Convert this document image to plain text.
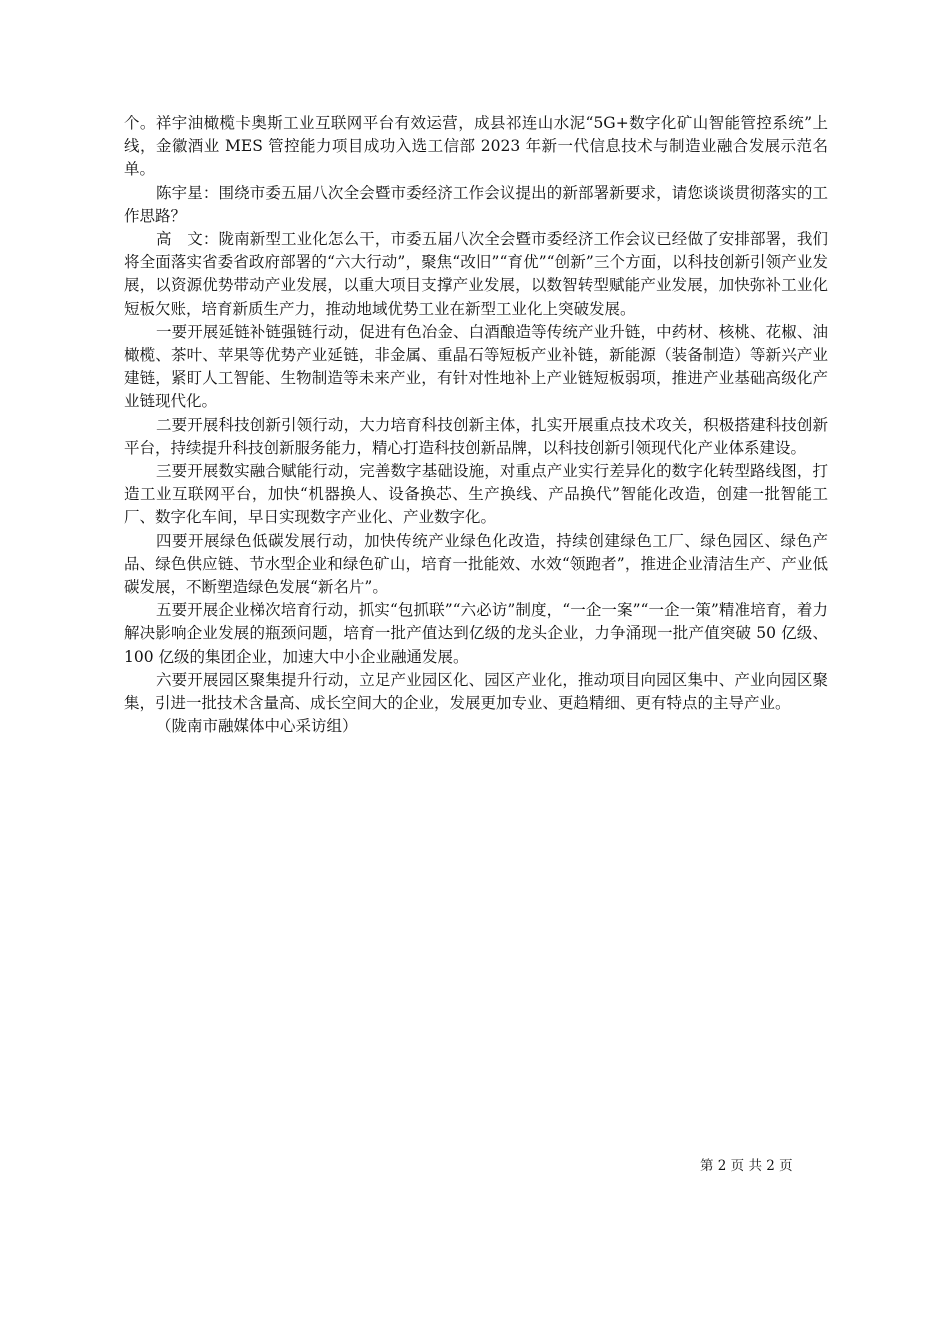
个。祥宇油橄榄卡奥斯工业互联网平台有效运营，成县祁连山水泥“5G+数字化矿山智能管控系统”上线，金徽酒业 MES 管控能力项目成功入选工信部 2023 年新一代信息技术与制造业融合发展示范名单。

陈宇星：围绕市委五届八次全会暨市委经济工作会议提出的新部署新要求，请您谈谈贯彻落实的工作思路？

高　文：陇南新型工业化怎么干，市委五届八次全会暨市委经济工作会议已经做了安排部署，我们将全面落实省委省政府部署的“六大行动”，聚焦“改旧”“育优”“创新”三个方面，以科技创新引领产业发展，以资源优势带动产业发展，以重大项目支撑产业发展，以数智转型赋能产业发展，加快弥补工业化短板欠账，培育新质生产力，推动地域优势工业在新型工业化上突破发展。

一要开展延链补链强链行动，促进有色冶金、白酒酿造等传统产业升链，中药材、核桃、花椒、油橄榄、茶叶、苹果等优势产业延链，非金属、重晶石等短板产业补链，新能源（装备制造）等新兴产业建链，紧盯人工智能、生物制造等未来产业，有针对性地补上产业链短板弱项，推进产业基础高级化产业链现代化。

二要开展科技创新引领行动，大力培育科技创新主体，扎实开展重点技术攻关，积极搭建科技创新平台，持续提升科技创新服务能力，精心打造科技创新品牌，以科技创新引领现代化产业体系建设。

三要开展数实融合赋能行动，完善数字基础设施，对重点产业实行差异化的数字化转型路线图，打造工业互联网平台，加快“机器换人、设备换芯、生产换线、产品换代”智能化改造，创建一批智能工厂、数字化车间，早日实现数字产业化、产业数字化。

四要开展绿色低碳发展行动，加快传统产业绿色化改造，持续创建绿色工厂、绿色园区、绿色产品、绿色供应链、节水型企业和绿色矿山，培育一批能效、水效“领跑者”，推进企业清洁生产、产业低碳发展，不断塑造绿色发展“新名片”。

五要开展企业梯次培育行动，抓实“包抓联”“六必访”制度，“一企一案”“一企一策”精准培育，着力解决影响企业发展的瓶颈问题，培育一批产值达到亿级的龙头企业，力争涌现一批产值突破 50 亿级、100 亿级的集团企业，加速大中小企业融通发展。

六要开展园区聚集提升行动，立足产业园区化、园区产业化，推动项目向园区集中、产业向园区聚集，引进一批技术含量高、成长空间大的企业，发展更加专业、更趋精细、更有特点的主导产业。

（陇南市融媒体中心采访组）

第 2 页 共 2 页
